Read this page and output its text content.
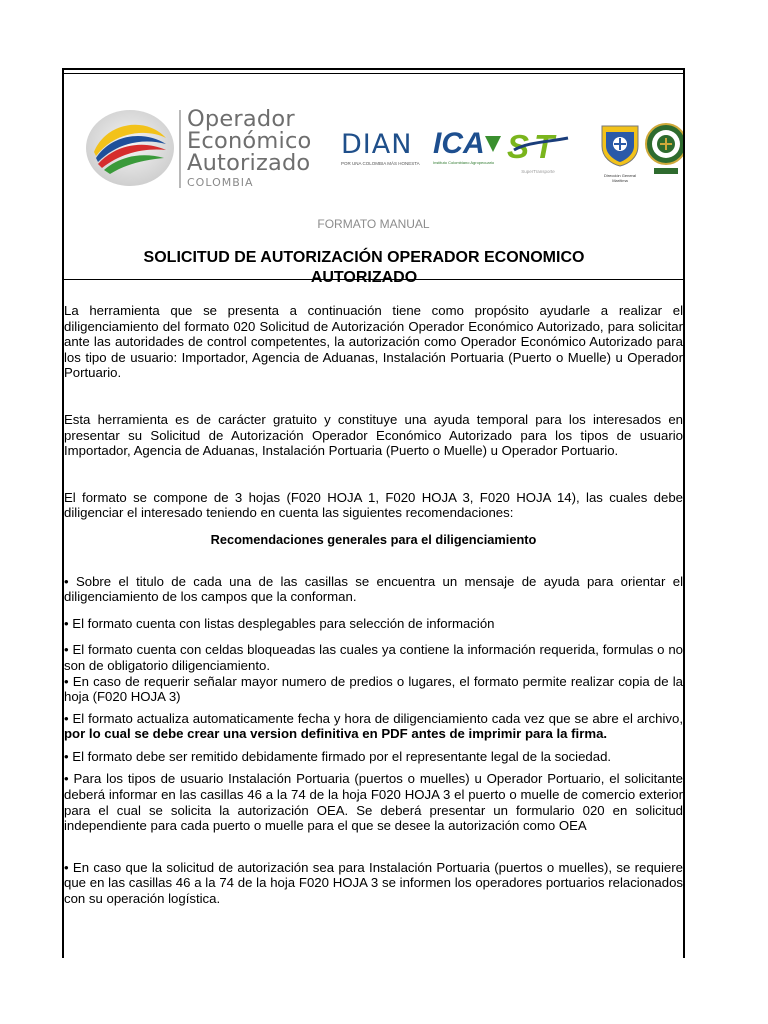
Operador
Económico
Autorizado
COLOMBIA
DIAN
POR UNA COLOMBIA MÁS HONESTA
ICA
Instituto Colombiano Agropecuario S T
SuperTransporte
Dirección General Marítima
FORMATO MANUAL
SOLICITUD DE AUTORIZACIÓN OPERADOR ECONOMICO AUTORIZADO

La herramienta que se presenta a continuación tiene como propósito ayudarle a realizar el diligenciamiento del formato 020 Solicitud de Autorización Operador Económico Autorizado, para solicitar ante las autoridades de control competentes, la autorización como Operador Económico Autorizado para los tipo de usuario: Importador, Agencia de Aduanas, Instalación Portuaria (Puerto o Muelle) u Operador Portuario.

Esta herramienta es de carácter gratuito y constituye una ayuda temporal para los interesados en presentar su Solicitud de Autorización Operador Económico Autorizado para los tipos de usuario Importador, Agencia de Aduanas, Instalación Portuaria (Puerto o Muelle) u Operador Portuario.

El formato se compone de 3 hojas (F020 HOJA 1, F020 HOJA 3, F020 HOJA 14), las cuales debe diligenciar el interesado teniendo en cuenta las siguientes recomendaciones:

Recomendaciones generales para el diligenciamiento

• Sobre el titulo de cada una de las casillas se encuentra un mensaje de ayuda para orientar el diligenciamiento de los campos que la conforman.

• El formato cuenta con listas desplegables para selección de información

• El formato cuenta con celdas bloqueadas las cuales ya contiene la información requerida, formulas o no son de obligatorio diligenciamiento.

• En caso de requerir señalar mayor numero de predios o lugares, el formato permite realizar copia de la hoja (F020 HOJA 3)

• El formato actualiza automaticamente fecha y hora de diligenciamiento cada vez que se abre el archivo, por lo cual se debe crear una version definitiva en PDF antes de imprimir para la firma.

• El formato debe ser remitido debidamente firmado por el representante legal de la sociedad.

• Para los tipos de usuario Instalación Portuaria (puertos o muelles) u Operador Portuario, el solicitante deberá informar en las casillas 46 a la 74 de la hoja F020 HOJA 3 el puerto o muelle de comercio exterior para el cual se solicita la autorización OEA. Se deberá presentar un formulario 020 en solicitud independiente para cada puerto o muelle para el que se desee la autorización como OEA

• En caso que la solicitud de autorización sea para Instalación Portuaria (puertos o muelles), se requiere que en las casillas 46 a la 74 de la hoja F020 HOJA 3 se informen los operadores portuarios relacionados con su operación logística.
